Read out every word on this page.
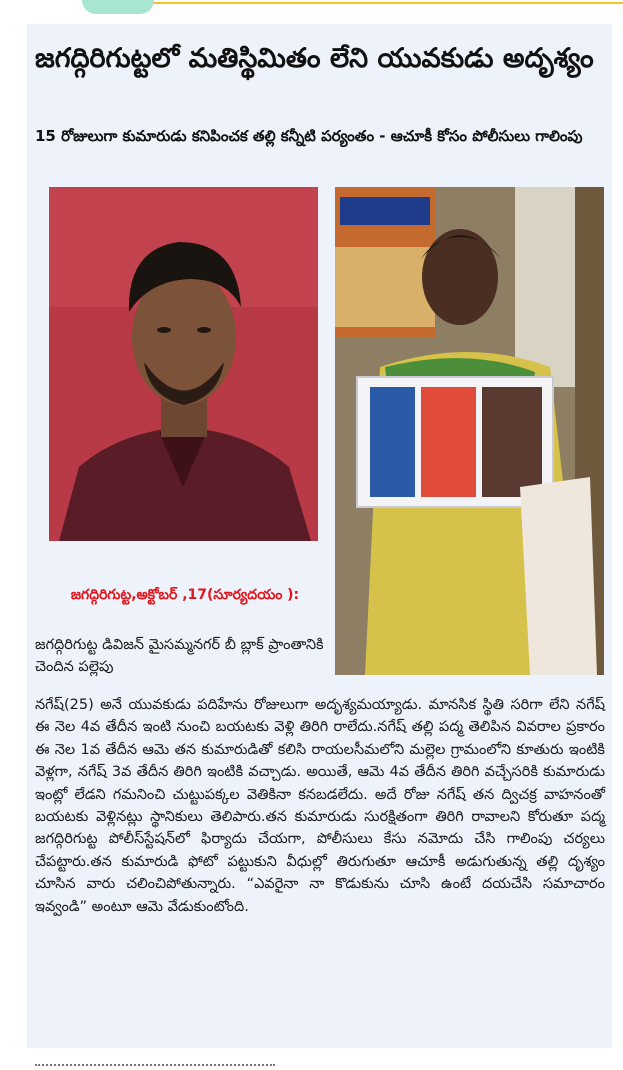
జగద్గిరిగుట్టలో మతిస్థిమితం లేని యువకుడు అదృశ్యం
15 రోజులుగా కుమారుడు కనిపించక తల్లి కన్నీటి పర్యంతం - ఆచూకీ కోసం పోలీసులు గాలింపు
జగద్గిరిగుట్ట,అక్టోబర్ ,17(సూర్యదయం ):
జగద్గిరిగుట్ట డివిజన్ మైసమ్మనగర్ బీ బ్లాక్ ప్రాంతానికి చెందిన పల్లెపు
నగేష్(25) అనే యువకుడు పదిహేను రోజులుగా అదృశ్యమయ్యాడు. మానసిక స్థితి సరిగా లేని నగేష్ ఈ నెల 4వ తేదీన ఇంటి నుంచి బయటకు వెళ్లి తిరిగి రాలేదు.నగేష్ తల్లి పద్మ తెలిపిన వివరాల ప్రకారం ఈ నెల 1వ తేదీన ఆమె తన కుమారుడితో కలిసి రాయలసీమలోని మల్లెల గ్రామంలోని కూతురు ఇంటికి వెళ్లగా, నగేష్ 3వ తేదీన తిరిగి ఇంటికి వచ్చాడు. అయితే, ఆమె 4వ తేదీన తిరిగి వచ్చేసరికి కుమారుడు ఇంట్లో లేడని గమనించి చుట్టుపక్కల వెతికినా కనబడలేదు. అదే రోజు నగేష్ తన ద్విచక్ర వాహనంతో బయటకు వెళ్లినట్లు స్థానికులు తెలిపారు.తన కుమారుడు సురక్షితంగా తిరిగి రావాలని కోరుతూ పద్మ జగద్గిరిగుట్ట పోలీస్‌స్టేషన్‌లో ఫిర్యాదు చేయగా, పోలీసులు కేసు నమోదు చేసి గాలింపు చర్యలు చేపట్టారు.తన కుమారుడి ఫోటో పట్టుకుని వీధుల్లో తిరుగుతూ ఆచూకీ అడుగుతున్న తల్లి దృశ్యం చూసిన వారు చలించిపోతున్నారు. “ఎవరైనా నా కొడుకును చూసి ఉంటే దయచేసి సమాచారం ఇవ్వండి” అంటూ ఆమె వేడుకుంటోంది.
